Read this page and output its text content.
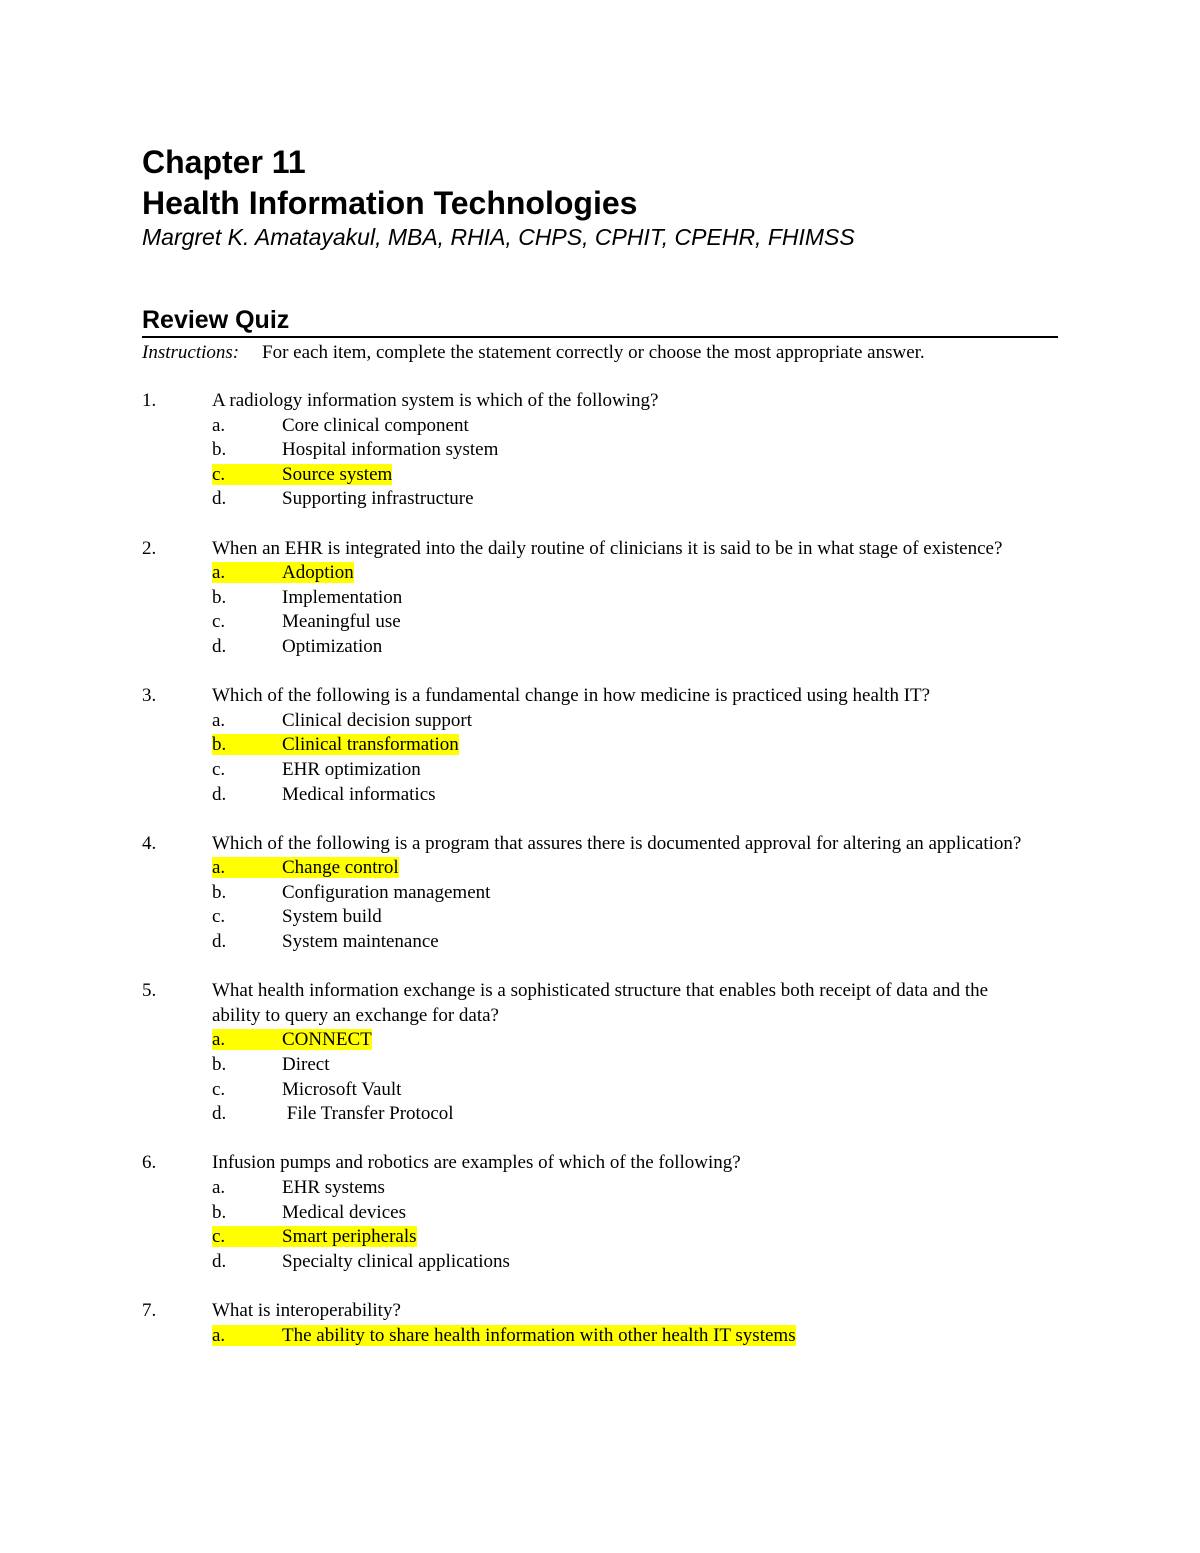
Chapter 11
Health Information Technologies
Margret K. Amatayakul, MBA, RHIA, CHPS, CPHIT, CPEHR, FHIMSS
Review Quiz
Instructions: For each item, complete the statement correctly or choose the most appropriate answer.
1.	A radiology information system is which of the following?
a.	Core clinical component
b.	Hospital information system
c.	Source system
d.	Supporting infrastructure
2.	When an EHR is integrated into the daily routine of clinicians it is said to be in what stage of existence?
a.	Adoption
b.	Implementation
c.	Meaningful use
d.	Optimization
3.	Which of the following is a fundamental change in how medicine is practiced using health IT?
a.	Clinical decision support
b.	Clinical transformation
c.	EHR optimization
d.	Medical informatics
4.	Which of the following is a program that assures there is documented approval for altering an application?
a.	Change control
b.	Configuration management
c.	System build
d.	System maintenance
5.	What health information exchange is a sophisticated structure that enables both receipt of data and the ability to query an exchange for data?
a.	CONNECT
b.	Direct
c.	Microsoft Vault
d.	File Transfer Protocol
6.	Infusion pumps and robotics are examples of which of the following?
a.	EHR systems
b.	Medical devices
c.	Smart peripherals
d.	Specialty clinical applications
7.	What is interoperability?
a.	The ability to share health information with other health IT systems
